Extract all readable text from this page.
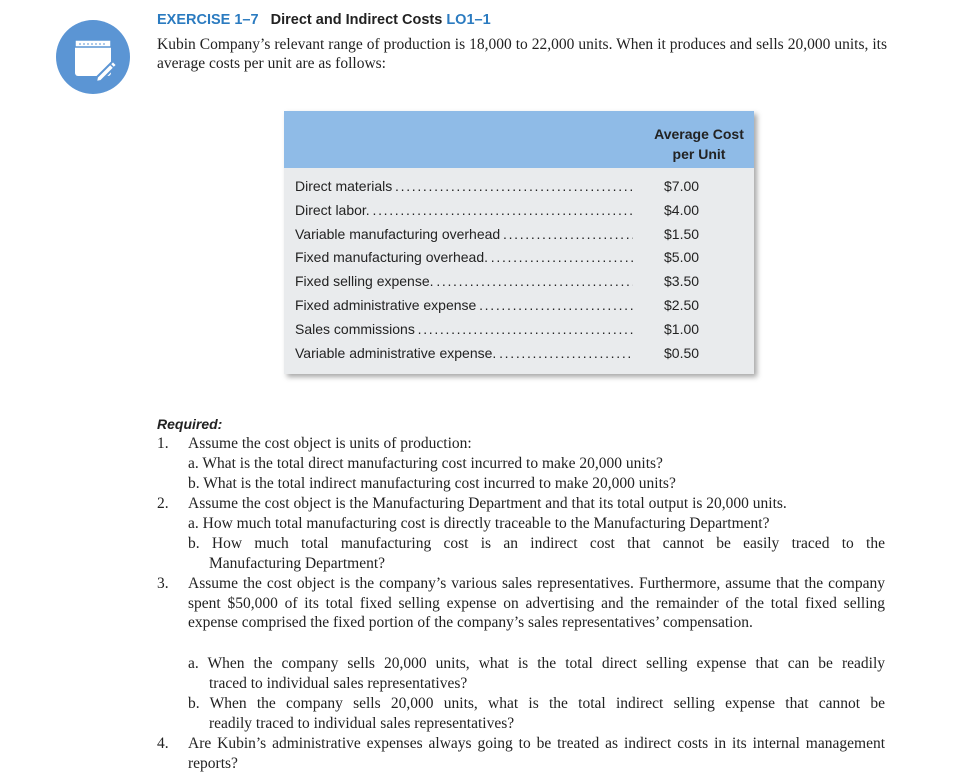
EXERCISE 1–7 Direct and Indirect Costs LO1–1
Kubin Company’s relevant range of production is 18,000 to 22,000 units. When it produces and sells 20,000 units, its average costs per unit are as follows:
Average Cost
per Unit
Direct materials . . .	$7.00
Direct labor. . . .	$4.00
Variable manufacturing overhead . . .	$1.50
Fixed manufacturing overhead. . . .	$5.00
Fixed selling expense. . . .	$3.50
Fixed administrative expense . . .	$2.50
Sales commissions . . .	$1.00
Variable administrative expense. . . .	$0.50
Required:
1. Assume the cost object is units of production:
a. What is the total direct manufacturing cost incurred to make 20,000 units?
b. What is the total indirect manufacturing cost incurred to make 20,000 units?
2. Assume the cost object is the Manufacturing Department and that its total output is 20,000 units.
a. How much total manufacturing cost is directly traceable to the Manufacturing Department?
b. How much total manufacturing cost is an indirect cost that cannot be easily traced to the
Manufacturing Department?
3. Assume the cost object is the company’s various sales representatives. Furthermore, assume that the company spent $50,000 of its total fixed selling expense on advertising and the remainder of the total fixed selling expense comprised the fixed portion of the company’s sales representatives’ compensation.
a. When the company sells 20,000 units, what is the total direct selling expense that can be readily
traced to individual sales representatives?
b. When the company sells 20,000 units, what is the total indirect selling expense that cannot be
readily traced to individual sales representatives?
4. Are Kubin’s administrative expenses always going to be treated as indirect costs in its internal management reports?
